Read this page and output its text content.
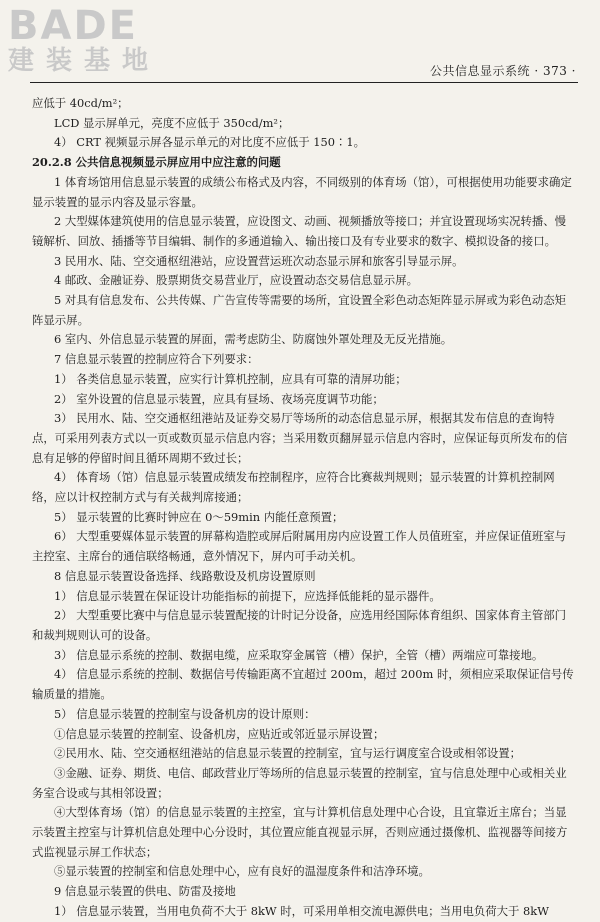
BADE
建装基地	公共信息显示系统 · 373 ·

应低于 40cd/m²；

LCD 显示屏单元，亮度不应低于 350cd/m²；

4） CRT 视频显示屏各显示单元的对比度不应低于 150∶1。

20.2.8 公共信息视频显示屏应用中应注意的问题

1 体育场馆用信息显示装置的成绩公布格式及内容，不同级别的体育场（馆），可根据使用功能要求确定显示装置的显示内容及显示容量。

2 大型媒体建筑使用的信息显示装置，应设图文、动画、视频播放等接口；并宜设置现场实况转播、慢镜解析、回放、插播等节目编辑、制作的多通道输入、输出接口及有专业要求的数字、模拟设备的接口。

3 民用水、陆、空交通枢纽港站，应设置营运班次动态显示屏和旅客引导显示屏。

4 邮政、金融证券、股票期货交易营业厅，应设置动态交易信息显示屏。

5 对具有信息发布、公共传媒、广告宣传等需要的场所，宜设置全彩色动态矩阵显示屏或为彩色动态矩阵显示屏。

6 室内、外信息显示装置的屏面，需考虑防尘、防腐蚀外罩处理及无反光措施。

7 信息显示装置的控制应符合下列要求：

1） 各类信息显示装置，应实行计算机控制，应具有可靠的清屏功能；

2） 室外设置的信息显示装置，应具有昼场、夜场亮度调节功能；

3） 民用水、陆、空交通枢纽港站及证券交易厅等场所的动态信息显示屏，根据其发布信息的查询特点，可采用列表方式以一页或数页显示信息内容；当采用数页翻屏显示信息内容时，应保证每页所发布的信息有足够的停留时间且循环周期不致过长；

4） 体育场（馆）信息显示装置成绩发布控制程序，应符合比赛裁判规则；显示装置的计算机控制网络，应以计权控制方式与有关裁判席接通；

5） 显示装置的比赛时钟应在 0～59min 内能任意预置；

6） 大型重要媒体显示装置的屏幕构造腔或屏后附属用房内应设置工作人员值班室，并应保证值班室与主控室、主席台的通信联络畅通，意外情况下，屏内可手动关机。

8 信息显示装置设备选择、线路敷设及机房设置原则

1） 信息显示装置在保证设计功能指标的前提下，应选择低能耗的显示器件。

2） 大型重要比赛中与信息显示装置配接的计时记分设备，应选用经国际体育组织、国家体育主管部门和裁判规则认可的设备。

3） 信息显示系统的控制、数据电缆，应采取穿金属管（槽）保护，全管（槽）两端应可靠接地。

4） 信息显示系统的控制、数据信号传输距离不宜超过 200m，超过 200m 时，须相应采取保证信号传输质量的措施。

5） 信息显示装置的控制室与设备机房的设计原则：

①信息显示装置的控制室、设备机房，应贴近或邻近显示屏设置；

②民用水、陆、空交通枢纽港站的信息显示装置的控制室，宜与运行调度室合设或相邻设置；

③金融、证券、期货、电信、邮政营业厅等场所的信息显示装置的控制室，宜与信息处理中心或相关业务室合设或与其相邻设置；

④大型体育场（馆）的信息显示装置的主控室，宜与计算机信息处理中心合设，且宜靠近主席台；当显示装置主控室与计算机信息处理中心分设时，其位置应能直视显示屏，否则应通过摄像机、监视器等间接方式监视显示屏工作状态；

⑤显示装置的控制室和信息处理中心，应有良好的温湿度条件和洁净环境。

9 信息显示装置的供电、防雷及接地

1） 信息显示装置，当用电负荷不大于 8kW 时，可采用单相交流电源供电；当用电负荷大于 8kW
